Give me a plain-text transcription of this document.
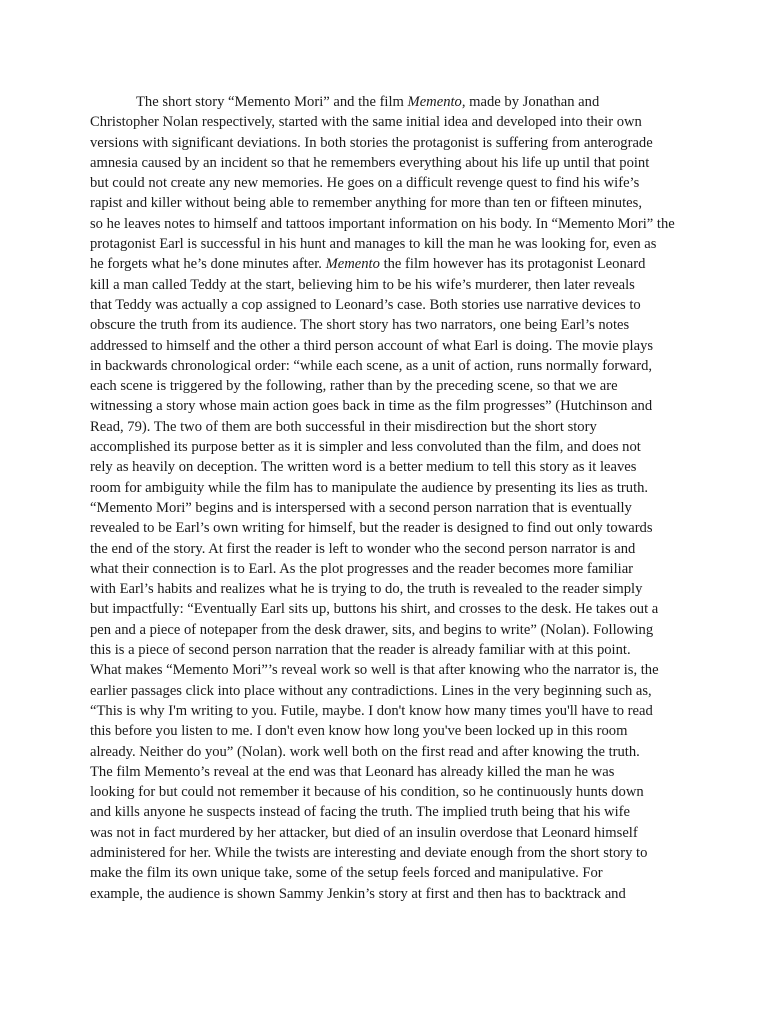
The short story “Memento Mori” and the film Memento, made by Jonathan and
Christopher Nolan respectively, started with the same initial idea and developed into their own
versions with significant deviations. In both stories the protagonist is suffering from anterograde
amnesia caused by an incident so that he remembers everything about his life up until that point
but could not create any new memories. He goes on a difficult revenge quest to find his wife’s
rapist and killer without being able to remember anything for more than ten or fifteen minutes,
so he leaves notes to himself and tattoos important information on his body. In “Memento Mori” the
protagonist Earl is successful in his hunt and manages to kill the man he was looking for, even as
he forgets what he’s done minutes after. Memento the film however has its protagonist Leonard
kill a man called Teddy at the start, believing him to be his wife’s murderer, then later reveals
that Teddy was actually a cop assigned to Leonard’s case. Both stories use narrative devices to
obscure the truth from its audience. The short story has two narrators, one being Earl’s notes
addressed to himself and the other a third person account of what Earl is doing. The movie plays
in backwards chronological order: “while each scene, as a unit of action, runs normally forward,
each scene is triggered by the following, rather than by the preceding scene, so that we are
witnessing a story whose main action goes back in time as the film progresses” (Hutchinson and
Read, 79). The two of them are both successful in their misdirection but the short story
accomplished its purpose better as it is simpler and less convoluted than the film, and does not
rely as heavily on deception. The written word is a better medium to tell this story as it leaves
room for ambiguity while the film has to manipulate the audience by presenting its lies as truth.
“Memento Mori” begins and is interspersed with a second person narration that is eventually
revealed to be Earl’s own writing for himself, but the reader is designed to find out only towards
the end of the story. At first the reader is left to wonder who the second person narrator is and
what their connection is to Earl. As the plot progresses and the reader becomes more familiar
with Earl’s habits and realizes what he is trying to do, the truth is revealed to the reader simply
but impactfully: “Eventually Earl sits up, buttons his shirt, and crosses to the desk. He takes out a
pen and a piece of notepaper from the desk drawer, sits, and begins to write” (Nolan). Following
this is a piece of second person narration that the reader is already familiar with at this point.
What makes “Memento Mori”’s reveal work so well is that after knowing who the narrator is, the
earlier passages click into place without any contradictions. Lines in the very beginning such as,
“This is why I'm writing to you. Futile, maybe. I don't know how many times you'll have to read
this before you listen to me. I don't even know how long you've been locked up in this room
already. Neither do you” (Nolan). work well both on the first read and after knowing the truth.
The film Memento’s reveal at the end was that Leonard has already killed the man he was
looking for but could not remember it because of his condition, so he continuously hunts down
and kills anyone he suspects instead of facing the truth. The implied truth being that his wife
was not in fact murdered by her attacker, but died of an insulin overdose that Leonard himself
administered for her. While the twists are interesting and deviate enough from the short story to
make the film its own unique take, some of the setup feels forced and manipulative. For
example, the audience is shown Sammy Jenkin’s story at first and then has to backtrack and
